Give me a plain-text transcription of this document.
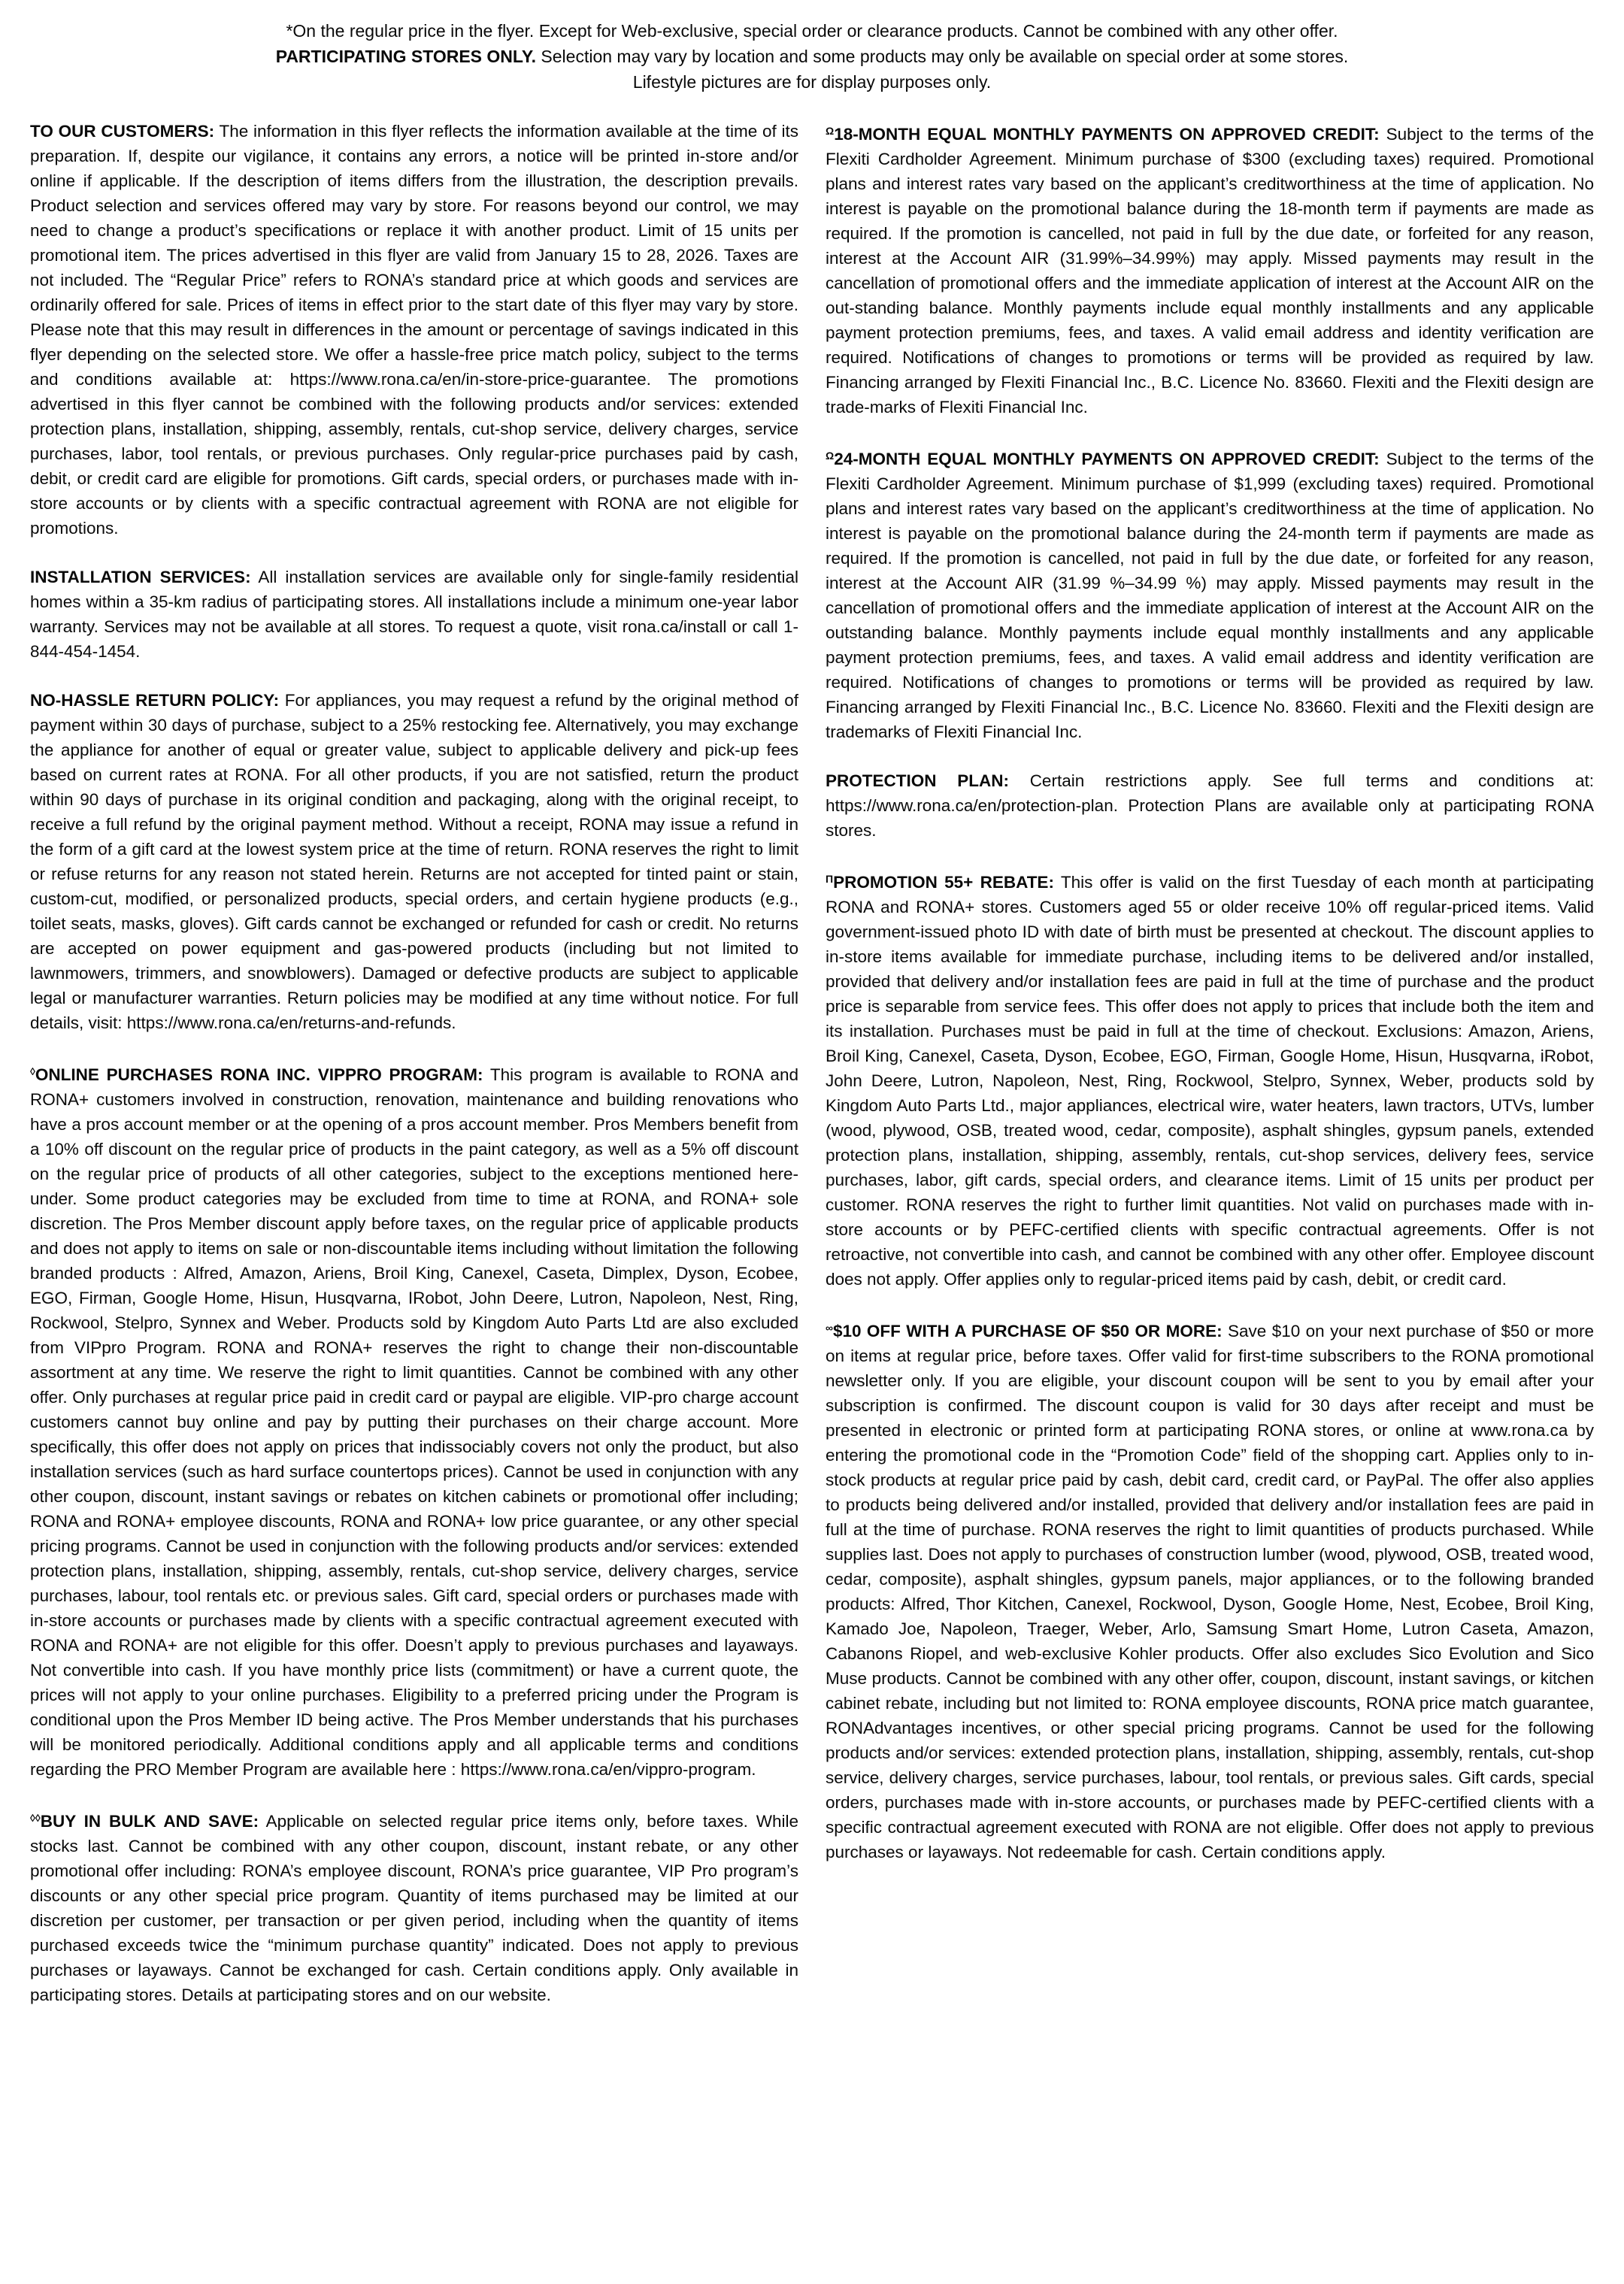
*On the regular price in the flyer. Except for Web-exclusive, special order or clearance products. Cannot be combined with any other offer.
PARTICIPATING STORES ONLY. Selection may vary by location and some products may only be available on special order at some stores.
Lifestyle pictures are for display purposes only.

TO OUR CUSTOMERS: The information in this flyer reflects the information available at the time of its preparation. If, despite our vigilance, it contains any errors, a notice will be printed in-store and/or online if applicable. If the description of items differs from the illustration, the description prevails. Product selection and services offered may vary by store. For reasons beyond our control, we may need to change a product’s specifications or replace it with another product. Limit of 15 units per promotional item. The prices advertised in this flyer are valid from January 15 to 28, 2026. Taxes are not included. The “Regular Price” refers to RONA’s standard price at which goods and services are ordinarily offered for sale. Prices of items in effect prior to the start date of this flyer may vary by store. Please note that this may result in differences in the amount or percentage of savings indicated in this flyer depending on the selected store. We offer a hassle-free price match policy, subject to the terms and conditions available at: https://www.rona.ca/en/in-store-price-guarantee. The promotions advertised in this flyer cannot be combined with the following products and/or services: extended protection plans, installation, shipping, assembly, rentals, cut-shop service, delivery charges, service purchases, labor, tool rentals, or previous purchases. Only regular-price purchases paid by cash, debit, or credit card are eligible for promotions. Gift cards, special orders, or purchases made with in-store accounts or by clients with a specific contractual agreement with RONA are not eligible for promotions.

INSTALLATION SERVICES: All installation services are available only for single-family residential homes within a 35-km radius of participating stores. All installations include a minimum one-year labor warranty. Services may not be available at all stores. To request a quote, visit rona.ca/install or call 1-844-454-1454.

NO-HASSLE RETURN POLICY: For appliances, you may request a refund by the original method of payment within 30 days of purchase, subject to a 25% restocking fee. Alternatively, you may exchange the appliance for another of equal or greater value, subject to applicable delivery and pick-up fees based on current rates at RONA. For all other products, if you are not satisfied, return the product within 90 days of purchase in its original condition and packaging, along with the original receipt, to receive a full refund by the original payment method. Without a receipt, RONA may issue a refund in the form of a gift card at the lowest system price at the time of return. RONA reserves the right to limit or refuse returns for any reason not stated herein. Returns are not accepted for tinted paint or stain, custom-cut, modified, or personalized products, special orders, and certain hygiene products (e.g., toilet seats, masks, gloves). Gift cards cannot be exchanged or refunded for cash or credit. No returns are accepted on power equipment and gas-powered products (including but not limited to lawnmowers, trimmers, and snowblowers). Damaged or defective products are subject to applicable legal or manufacturer warranties. Return policies may be modified at any time without notice. For full details, visit: https://www.rona.ca/en/returns-and-refunds.

◊ONLINE PURCHASES RONA INC. VIPPRO PROGRAM: This program is available to RONA and RONA+ customers involved in construction, renovation, maintenance and building renovations who have a pros account member or at the opening of a pros account member. Pros Members benefit from a 10% off discount on the regular price of products in the paint category, as well as a 5% off discount on the regular price of products of all other categories, subject to the exceptions mentioned here-under. Some product categories may be excluded from time to time at RONA, and RONA+ sole discretion. The Pros Member discount apply before taxes, on the regular price of applicable products and does not apply to items on sale or non-discountable items including without limitation the following branded products : Alfred, Amazon, Ariens, Broil King, Canexel, Caseta, Dimplex, Dyson, Ecobee, EGO, Firman, Google Home, Hisun, Husqvarna, IRobot, John Deere, Lutron, Napoleon, Nest, Ring, Rockwool, Stelpro, Synnex and Weber. Products sold by Kingdom Auto Parts Ltd are also excluded from VIPpro Program. RONA and RONA+ reserves the right to change their non-discountable assortment at any time. We reserve the right to limit quantities. Cannot be combined with any other offer. Only purchases at regular price paid in credit card or paypal are eligible. VIP-pro charge account customers cannot buy online and pay by putting their purchases on their charge account. More specifically, this offer does not apply on prices that indissociably covers not only the product, but also installation services (such as hard surface countertops prices). Cannot be used in conjunction with any other coupon, discount, instant savings or rebates on kitchen cabinets or promotional offer including; RONA and RONA+ employee discounts, RONA and RONA+ low price guarantee, or any other special pricing programs. Cannot be used in conjunction with the following products and/or services: extended protection plans, installation, shipping, assembly, rentals, cut-shop service, delivery charges, service purchases, labour, tool rentals etc. or previous sales. Gift card, special orders or purchases made with in-store accounts or purchases made by clients with a specific contractual agreement executed with RONA and RONA+ are not eligible for this offer. Doesn’t apply to previous purchases and layaways. Not convertible into cash. If you have monthly price lists (commitment) or have a current quote, the prices will not apply to your online purchases. Eligibility to a preferred pricing under the Program is conditional upon the Pros Member ID being active. The Pros Member understands that his purchases will be monitored periodically. Additional conditions apply and all applicable terms and conditions regarding the PRO Member Program are available here : https://www.rona.ca/en/vippro-program.

◊◊BUY IN BULK AND SAVE: Applicable on selected regular price items only, before taxes. While stocks last. Cannot be combined with any other coupon, discount, instant rebate, or any other promotional offer including: RONA’s employee discount, RONA’s price guarantee, VIP Pro program’s discounts or any other special price program. Quantity of items purchased may be limited at our discretion per customer, per transaction or per given period, including when the quantity of items purchased exceeds twice the “minimum purchase quantity” indicated. Does not apply to previous purchases or layaways. Cannot be exchanged for cash. Certain conditions apply. Only available in participating stores. Details at participating stores and on our website.

$^\Omega$18-MONTH EQUAL MONTHLY PAYMENTS ON APPROVED CREDIT: Subject to the terms of the Flexiti Cardholder Agreement. Minimum purchase of $300 (excluding taxes) required. Promotional plans and interest rates vary based on the applicant’s creditworthiness at the time of application. No interest is payable on the promotional balance during the 18-month term if payments are made as required. If the promotion is cancelled, not paid in full by the due date, or forfeited for any reason, interest at the Account AIR (31.99%–34.99%) may apply. Missed payments may result in the cancellation of promotional offers and the immediate application of interest at the Account AIR on the out-standing balance. Monthly payments include equal monthly installments and any applicable payment protection premiums, fees, and taxes. A valid email address and identity verification are required. Notifications of changes to promotions or terms will be provided as required by law. Financing arranged by Flexiti Financial Inc., B.C. Licence No. 83660. Flexiti and the Flexiti design are trade-marks of Flexiti Financial Inc.

$^\Omega$24-MONTH EQUAL MONTHLY PAYMENTS ON APPROVED CREDIT: Subject to the terms of the Flexiti Cardholder Agreement. Minimum purchase of $1,999 (excluding taxes) required. Promotional plans and interest rates vary based on the applicant’s creditworthiness at the time of application. No interest is payable on the promotional balance during the 24-month term if payments are made as required. If the promotion is cancelled, not paid in full by the due date, or forfeited for any reason, interest at the Account AIR (31.99 %–34.99 %) may apply. Missed payments may result in the cancellation of promotional offers and the immediate application of interest at the Account AIR on the outstanding balance. Monthly payments include equal monthly installments and any applicable payment protection premiums, fees, and taxes. A valid email address and identity verification are required. Notifications of changes to promotions or terms will be provided as required by law. Financing arranged by Flexiti Financial Inc., B.C. Licence No. 83660. Flexiti and the Flexiti design are trademarks of Flexiti Financial Inc.

PROTECTION PLAN: Certain restrictions apply. See full terms and conditions at: https://www.rona.ca/en/protection-plan. Protection Plans are available only at participating RONA stores.

$^\Pi$PROMOTION 55+ REBATE: This offer is valid on the first Tuesday of each month at participating RONA and RONA+ stores. Customers aged 55 or older receive 10% off regular-priced items. Valid government-issued photo ID with date of birth must be presented at checkout. The discount applies to in-store items available for immediate purchase, including items to be delivered and/or installed, provided that delivery and/or installation fees are paid in full at the time of purchase and the product price is separable from service fees. This offer does not apply to prices that include both the item and its installation. Purchases must be paid in full at the time of checkout. Exclusions: Amazon, Ariens, Broil King, Canexel, Caseta, Dyson, Ecobee, EGO, Firman, Google Home, Hisun, Husqvarna, iRobot, John Deere, Lutron, Napoleon, Nest, Ring, Rockwool, Stelpro, Synnex, Weber, products sold by Kingdom Auto Parts Ltd., major appliances, electrical wire, water heaters, lawn tractors, UTVs, lumber (wood, plywood, OSB, treated wood, cedar, composite), asphalt shingles, gypsum panels, extended protection plans, installation, shipping, assembly, rentals, cut-shop services, delivery fees, service purchases, labor, gift cards, special orders, and clearance items. Limit of 15 units per product per customer. RONA reserves the right to further limit quantities. Not valid on purchases made with in-store accounts or by PEFC-certified clients with specific contractual agreements. Offer is not retroactive, not convertible into cash, and cannot be combined with any other offer. Employee discount does not apply. Offer applies only to regular-priced items paid by cash, debit, or credit card.

∞$10 OFF WITH A PURCHASE OF $50 OR MORE: Save $10 on your next purchase of $50 or more on items at regular price, before taxes. Offer valid for first-time subscribers to the RONA promotional newsletter only. If you are eligible, your discount coupon will be sent to you by email after your subscription is confirmed. The discount coupon is valid for 30 days after receipt and must be presented in electronic or printed form at participating RONA stores, or online at www.rona.ca by entering the promotional code in the “Promotion Code” field of the shopping cart. Applies only to in-stock products at regular price paid by cash, debit card, credit card, or PayPal. The offer also applies to products being delivered and/or installed, provided that delivery and/or installation fees are paid in full at the time of purchase. RONA reserves the right to limit quantities of products purchased. While supplies last. Does not apply to purchases of construction lumber (wood, plywood, OSB, treated wood, cedar, composite), asphalt shingles, gypsum panels, major appliances, or to the following branded products: Alfred, Thor Kitchen, Canexel, Rockwool, Dyson, Google Home, Nest, Ecobee, Broil King, Kamado Joe, Napoleon, Traeger, Weber, Arlo, Samsung Smart Home, Lutron Caseta, Amazon, Cabanons Riopel, and web-exclusive Kohler products. Offer also excludes Sico Evolution and Sico Muse products. Cannot be combined with any other offer, coupon, discount, instant savings, or kitchen cabinet rebate, including but not limited to: RONA employee discounts, RONA price match guarantee, RONAdvantages incentives, or other special pricing programs. Cannot be used for the following products and/or services: extended protection plans, installation, shipping, assembly, rentals, cut-shop service, delivery charges, service purchases, labour, tool rentals, or previous sales. Gift cards, special orders, purchases made with in-store accounts, or purchases made by PEFC-certified clients with a specific contractual agreement executed with RONA are not eligible. Offer does not apply to previous purchases or layaways. Not redeemable for cash. Certain conditions apply.
